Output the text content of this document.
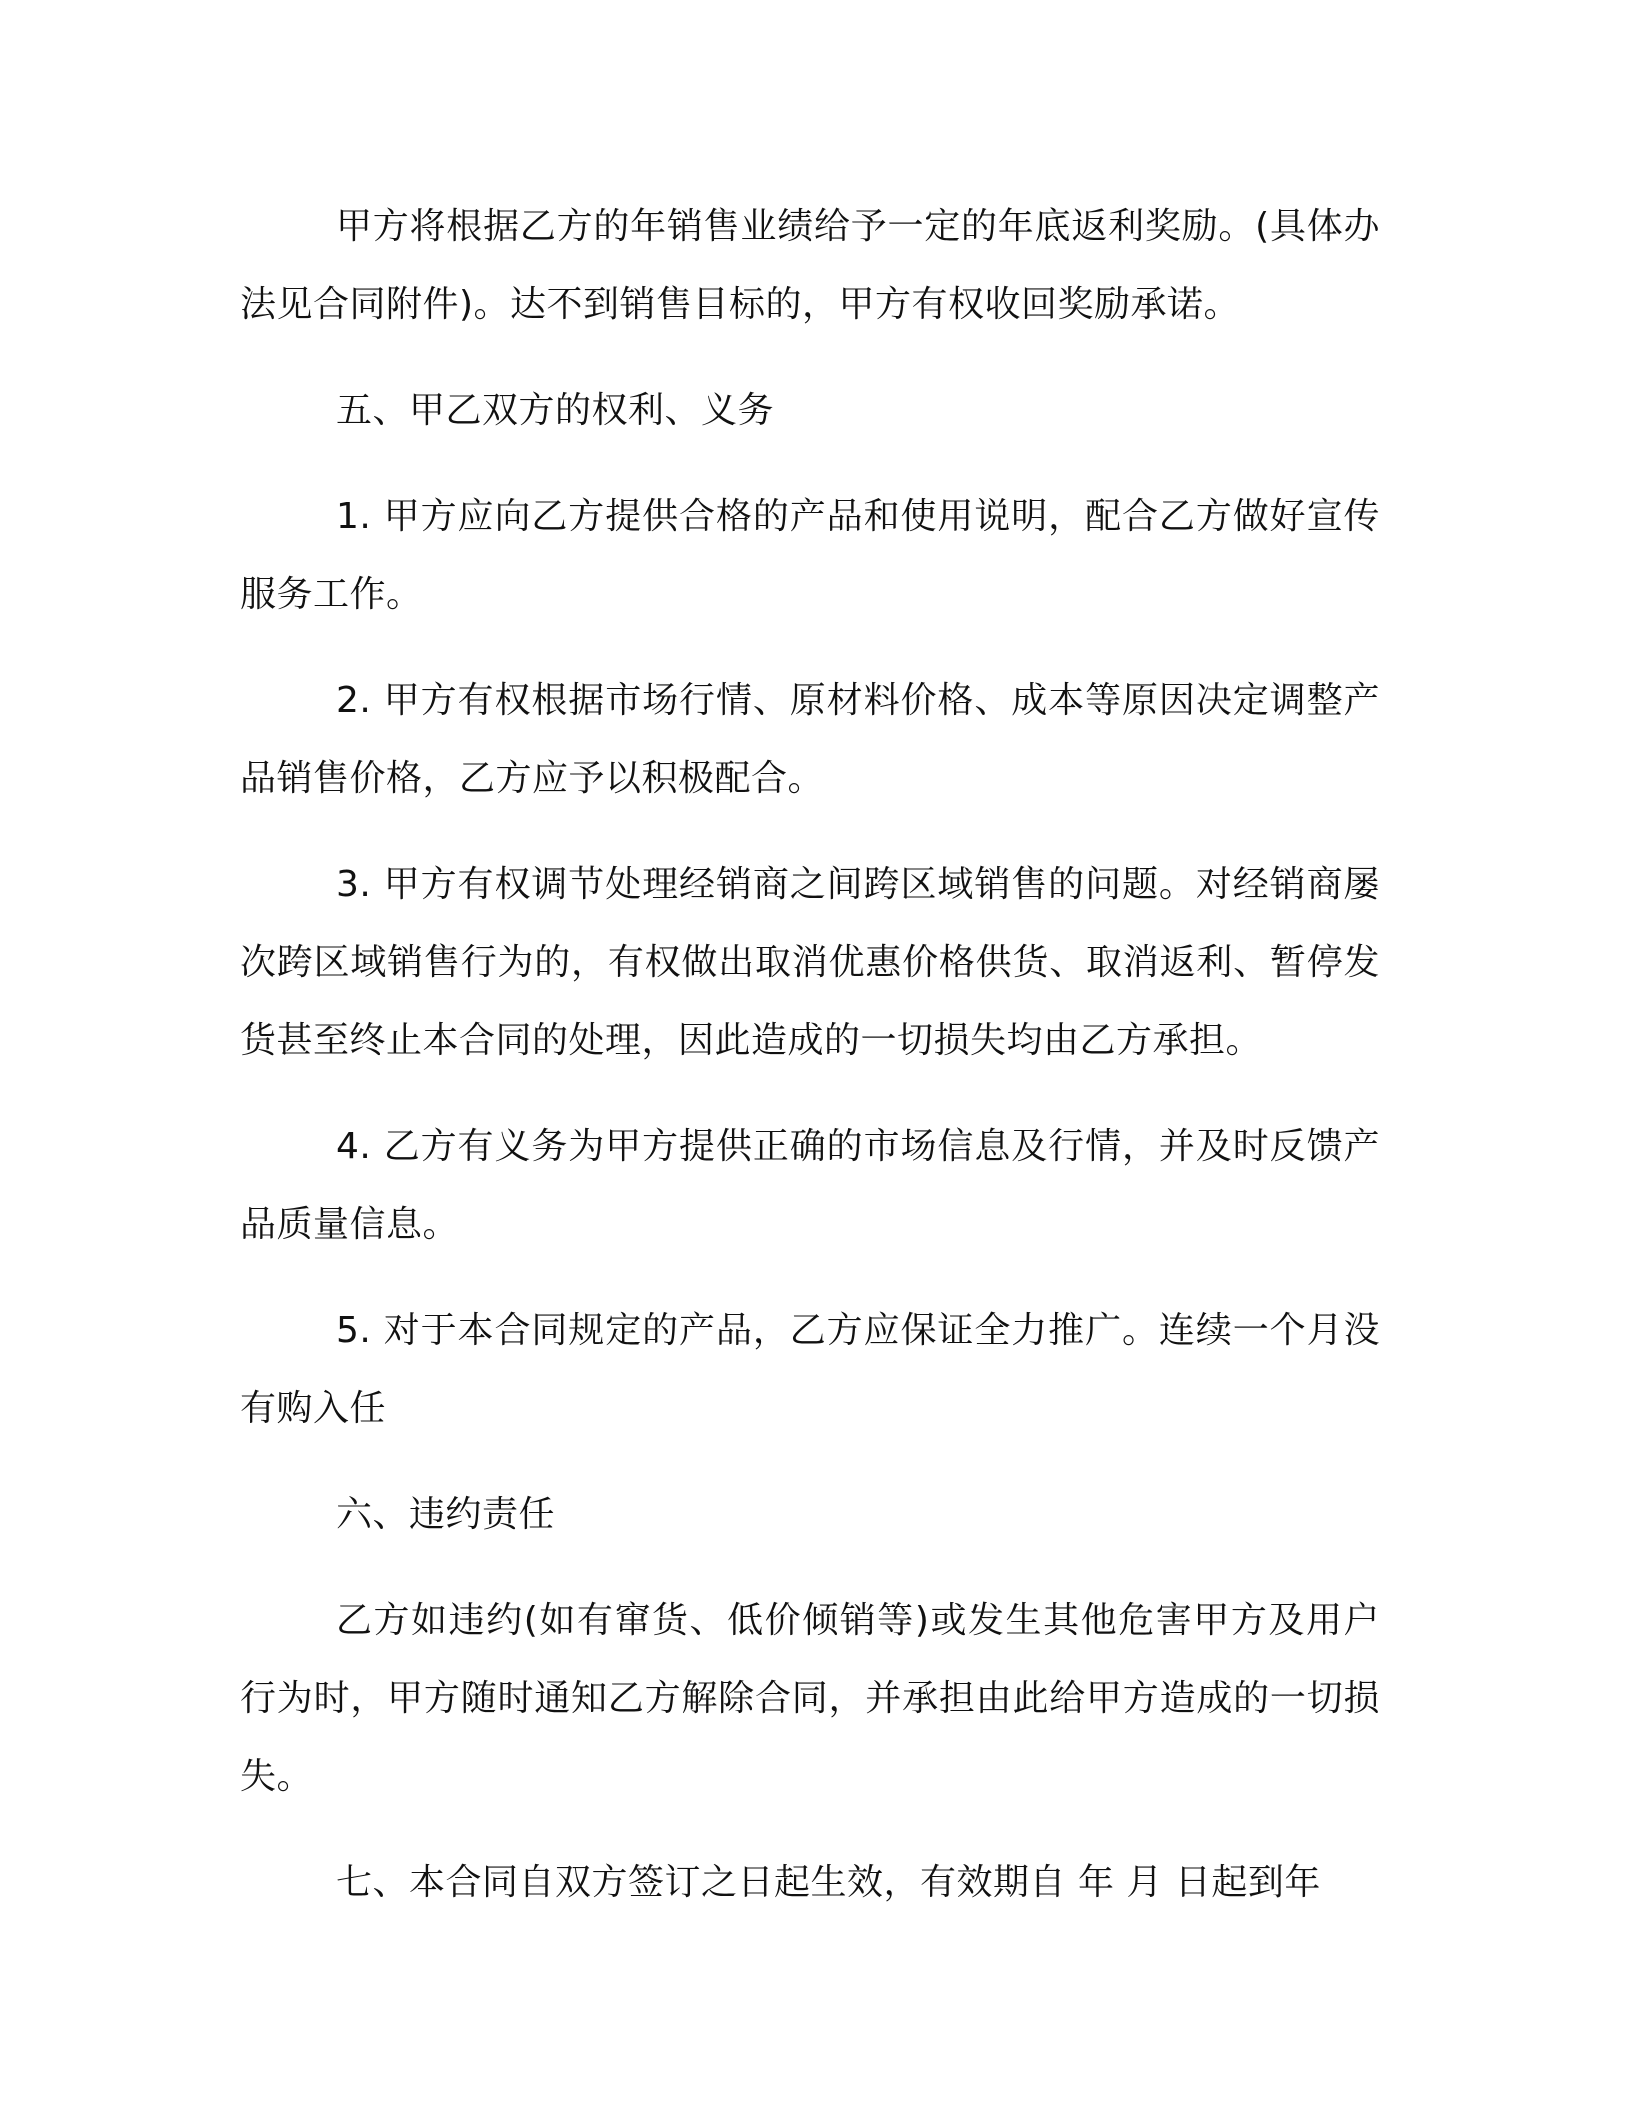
甲方将根据乙方的年销售业绩给予一定的年底返利奖励。(具体办法见合同附件)。达不到销售目标的，甲方有权收回奖励承诺。

五、甲乙双方的权利、义务

1. 甲方应向乙方提供合格的产品和使用说明，配合乙方做好宣传服务工作。

2. 甲方有权根据市场行情、原材料价格、成本等原因决定调整产品销售价格，乙方应予以积极配合。

3. 甲方有权调节处理经销商之间跨区域销售的问题。对经销商屡次跨区域销售行为的，有权做出取消优惠价格供货、取消返利、暂停发货甚至终止本合同的处理，因此造成的一切损失均由乙方承担。

4. 乙方有义务为甲方提供正确的市场信息及行情，并及时反馈产品质量信息。

5. 对于本合同规定的产品，乙方应保证全力推广。连续一个月没有购入任

六、违约责任

乙方如违约(如有窜货、低价倾销等)或发生其他危害甲方及用户行为时，甲方随时通知乙方解除合同，并承担由此给甲方造成的一切损失。

七、本合同自双方签订之日起生效，有效期自 年 月 日起到年
